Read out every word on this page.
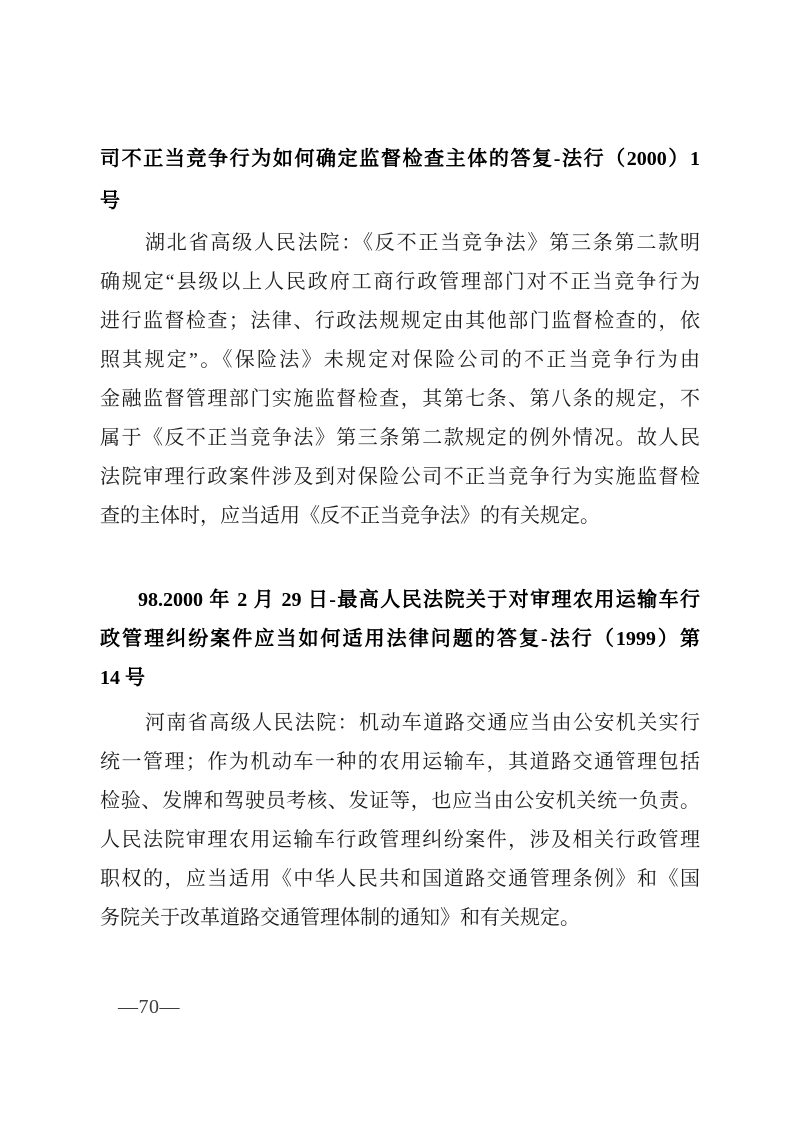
司不正当竞争行为如何确定监督检查主体的答复-法行（2000）1
号
湖北省高级人民法院：《反不正当竞争法》第三条第二款明
确规定“县级以上人民政府工商行政管理部门对不正当竞争行为
进行监督检查；法律、行政法规规定由其他部门监督检查的，依
照其规定”。《保险法》未规定对保险公司的不正当竞争行为由
金融监督管理部门实施监督检查，其第七条、第八条的规定，不
属于《反不正当竞争法》第三条第二款规定的例外情况。故人民
法院审理行政案件涉及到对保险公司不正当竞争行为实施监督检
查的主体时，应当适用《反不正当竞争法》的有关规定。
98.2000 年 2 月 29 日-最高人民法院关于对审理农用运输车行
政管理纠纷案件应当如何适用法律问题的答复-法行（1999）第
14 号
河南省高级人民法院：机动车道路交通应当由公安机关实行
统一管理；作为机动车一种的农用运输车，其道路交通管理包括
检验、发牌和驾驶员考核、发证等，也应当由公安机关统一负责。
人民法院审理农用运输车行政管理纠纷案件，涉及相关行政管理
职权的，应当适用《中华人民共和国道路交通管理条例》和《国
务院关于改革道路交通管理体制的通知》和有关规定。
—70—
